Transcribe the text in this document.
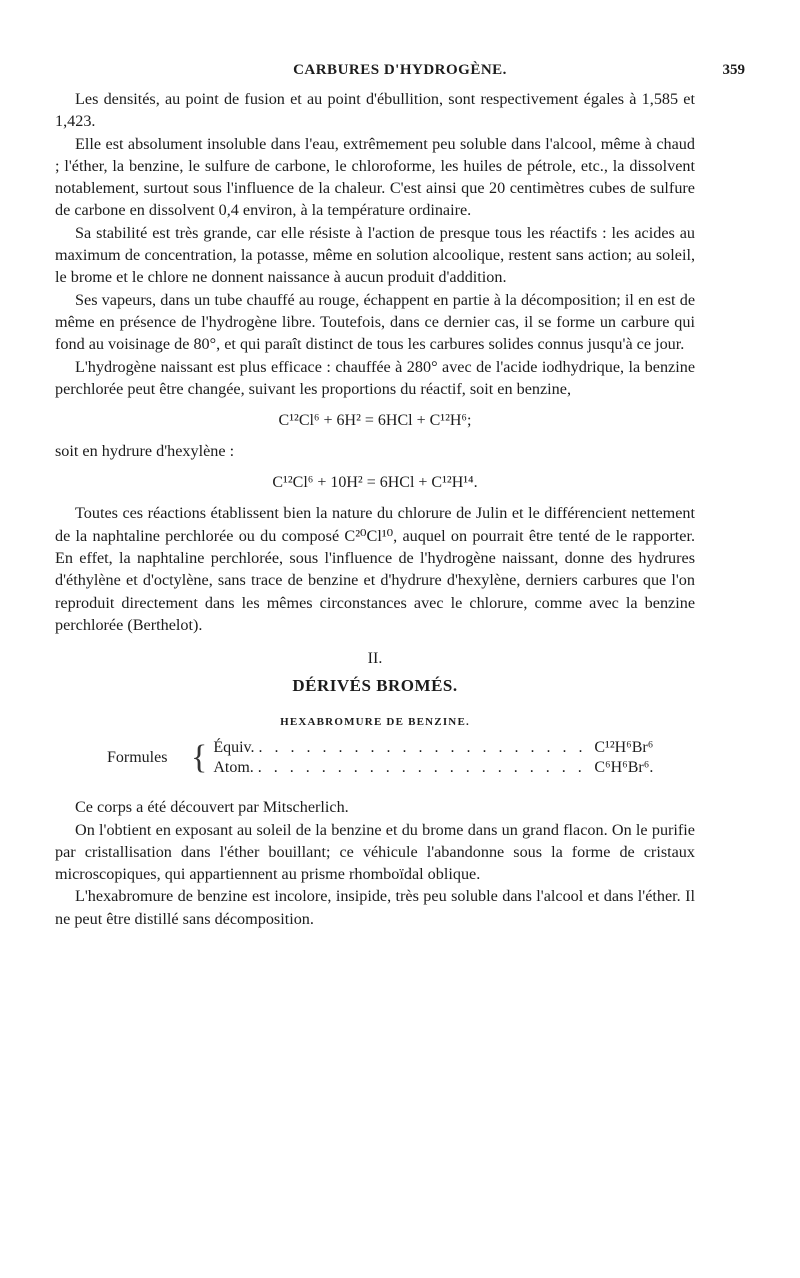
CARBURES D'HYDROGÈNE.	359

Les densités, au point de fusion et au point d'ébullition, sont respectivement égales à 1,585 et 1,423.

Elle est absolument insoluble dans l'eau, extrêmement peu soluble dans l'alcool, même à chaud ; l'éther, la benzine, le sulfure de carbone, le chloroforme, les huiles de pétrole, etc., la dissolvent notablement, surtout sous l'influence de la chaleur. C'est ainsi que 20 centimètres cubes de sulfure de carbone en dissolvent 0,4 environ, à la température ordinaire.

Sa stabilité est très grande, car elle résiste à l'action de presque tous les réactifs : les acides au maximum de concentration, la potasse, même en solution alcoolique, restent sans action; au soleil, le brome et le chlore ne donnent naissance à aucun produit d'addition.

Ses vapeurs, dans un tube chauffé au rouge, échappent en partie à la décomposition; il en est de même en présence de l'hydrogène libre. Toutefois, dans ce dernier cas, il se forme un carbure qui fond au voisinage de 80°, et qui paraît distinct de tous les carbures solides connus jusqu'à ce jour.

L'hydrogène naissant est plus efficace : chauffée à 280° avec de l'acide iodhydrique, la benzine perchlorée peut être changée, suivant les proportions du réactif, soit en benzine,

C¹²Cl⁶ + 6H² = 6HCl + C¹²H⁶;

soit en hydrure d'hexylène :

C¹²Cl⁶ + 10H² = 6HCl + C¹²H¹⁴.

Toutes ces réactions établissent bien la nature du chlorure de Julin et le différencient nettement de la naphtaline perchlorée ou du composé C²⁰Cl¹⁰, auquel on pourrait être tenté de le rapporter. En effet, la naphtaline perchlorée, sous l'influence de l'hydrogène naissant, donne des hydrures d'éthylène et d'octylène, sans trace de benzine et d'hydrure d'hexylène, derniers carbures que l'on reproduit directement dans les mêmes circonstances avec le chlorure, comme avec la benzine perchlorée (Berthelot).

II.
DÉRIVÉS BROMÉS.
HEXABROMURE DE BENZINE.
Formules { Équiv. . . .	C¹²H⁶Br⁶
Atom. . . .	C⁶H⁶Br⁶.

Ce corps a été découvert par Mitscherlich.

On l'obtient en exposant au soleil de la benzine et du brome dans un grand flacon. On le purifie par cristallisation dans l'éther bouillant; ce véhicule l'abandonne sous la forme de cristaux microscopiques, qui appartiennent au prisme rhomboïdal oblique.

L'hexabromure de benzine est incolore, insipide, très peu soluble dans l'alcool et dans l'éther. Il ne peut être distillé sans décomposition.
